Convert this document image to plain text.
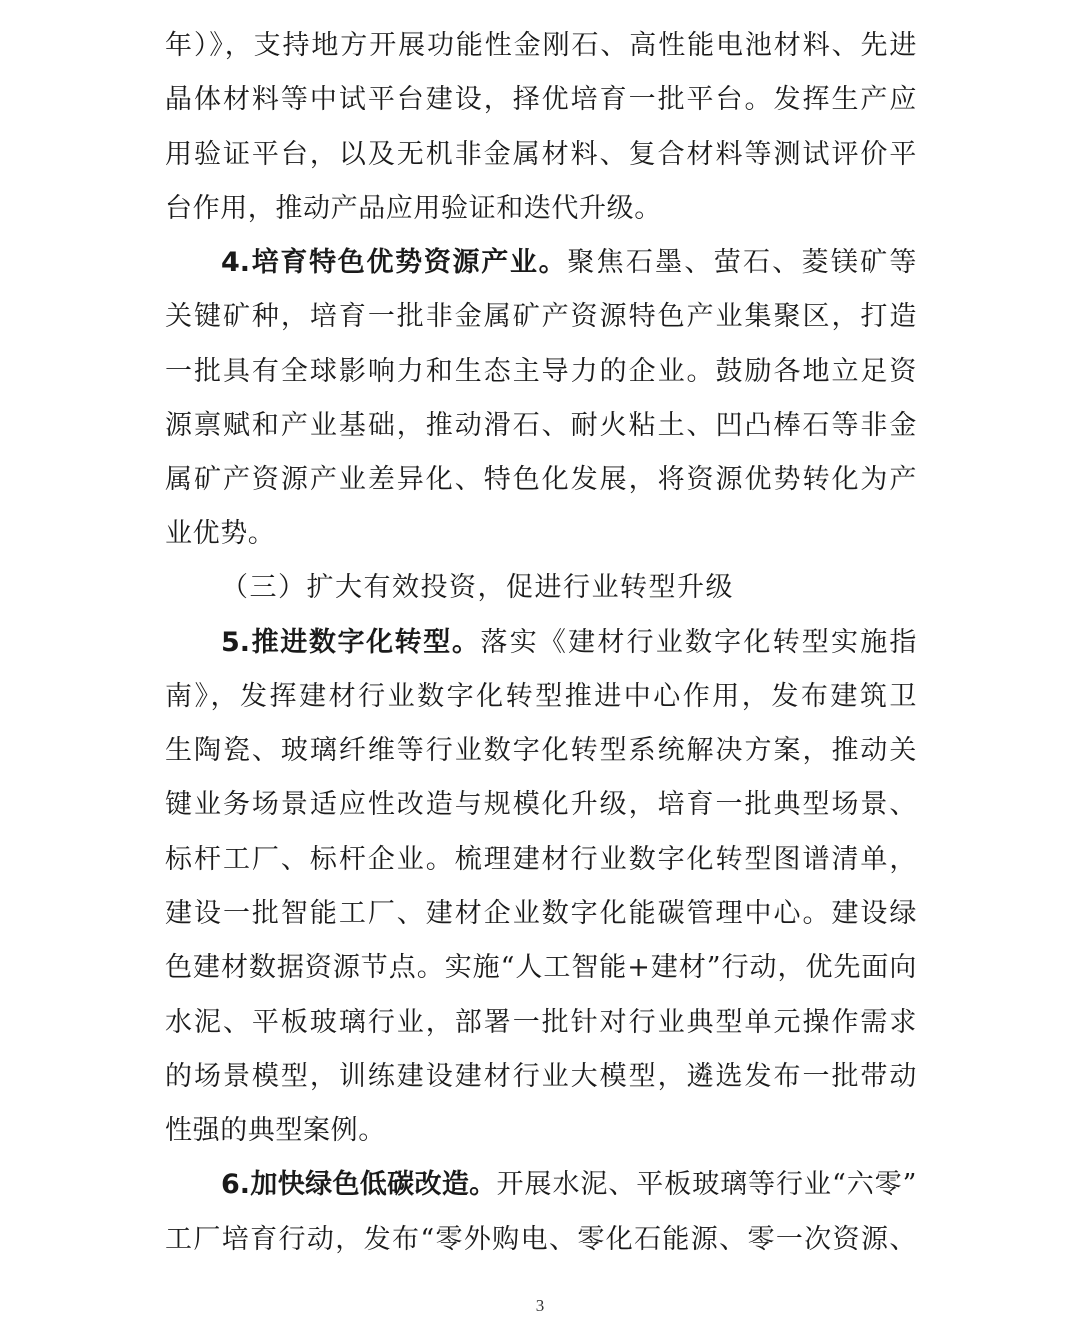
年）》，支持地方开展功能性金刚石、高性能电池材料、先进
晶体材料等中试平台建设，择优培育一批平台。发挥生产应
用验证平台，以及无机非金属材料、复合材料等测试评价平
台作用，推动产品应用验证和迭代升级。
4.培育特色优势资源产业。聚焦石墨、萤石、菱镁矿等
关键矿种，培育一批非金属矿产资源特色产业集聚区，打造
一批具有全球影响力和生态主导力的企业。鼓励各地立足资
源禀赋和产业基础，推动滑石、耐火粘土、凹凸棒石等非金
属矿产资源产业差异化、特色化发展，将资源优势转化为产
业优势。
（三）扩大有效投资，促进行业转型升级
5.推进数字化转型。落实《建材行业数字化转型实施指
南》，发挥建材行业数字化转型推进中心作用，发布建筑卫
生陶瓷、玻璃纤维等行业数字化转型系统解决方案，推动关
键业务场景适应性改造与规模化升级，培育一批典型场景、
标杆工厂、标杆企业。梳理建材行业数字化转型图谱清单，
建设一批智能工厂、建材企业数字化能碳管理中心。建设绿
色建材数据资源节点。实施“人工智能+建材”行动，优先面向
水泥、平板玻璃行业，部署一批针对行业典型单元操作需求
的场景模型，训练建设建材行业大模型，遴选发布一批带动
性强的典型案例。
6.加快绿色低碳改造。开展水泥、平板玻璃等行业“六零”
工厂培育行动，发布“零外购电、零化石能源、零一次资源、
3
